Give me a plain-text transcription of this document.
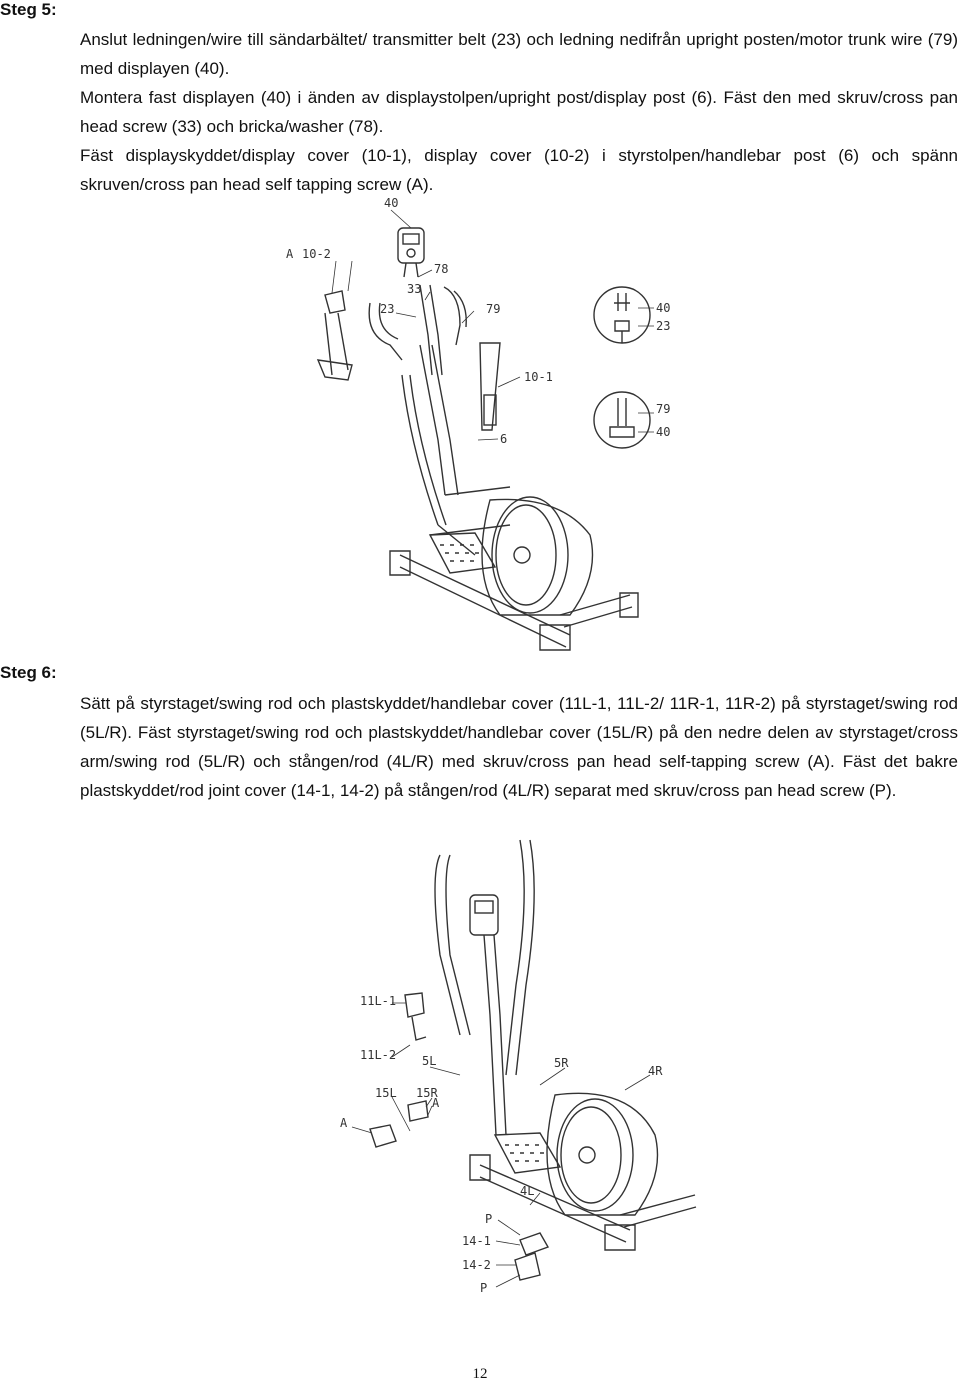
Steg 5:

Anslut ledningen/wire till sändarbältet/ transmitter belt (23) och ledning nedifrån upright posten/motor trunk wire (79) med displayen (40).

Montera fast displayen (40) i änden av displaystolpen/upright post/display post (6). Fäst den med skruv/cross pan head screw (33) och bricka/washer (78).

Fäst displayskyddet/display cover (10-1), display cover (10-2) i styrstolpen/handlebar post (6) och spänn skruven/cross pan head self tapping screw (A).

40
A 10-2
78
33
23	79
10-1
6
40
23
79
40
Steg 6:

Sätt på styrstaget/swing rod och plastskyddet/handlebar cover (11L-1, 11L-2/ 11R-1, 11R-2) på styrstaget/swing rod (5L/R). Fäst styrstaget/swing rod och plastskyddet/handlebar cover (15L/R) på den nedre delen av styrstaget/cross arm/swing rod (5L/R) och stången/rod (4L/R) med skruv/cross pan head self-tapping screw (A). Fäst det bakre plastskyddet/rod joint cover (14-1, 14-2) på stången/rod (4L/R) separat med skruv/cross pan head screw (P).

11L-1
11L-2 5L	5R
4R
15L 15R
A
A
4L
P
14-1
14-2
P
12
